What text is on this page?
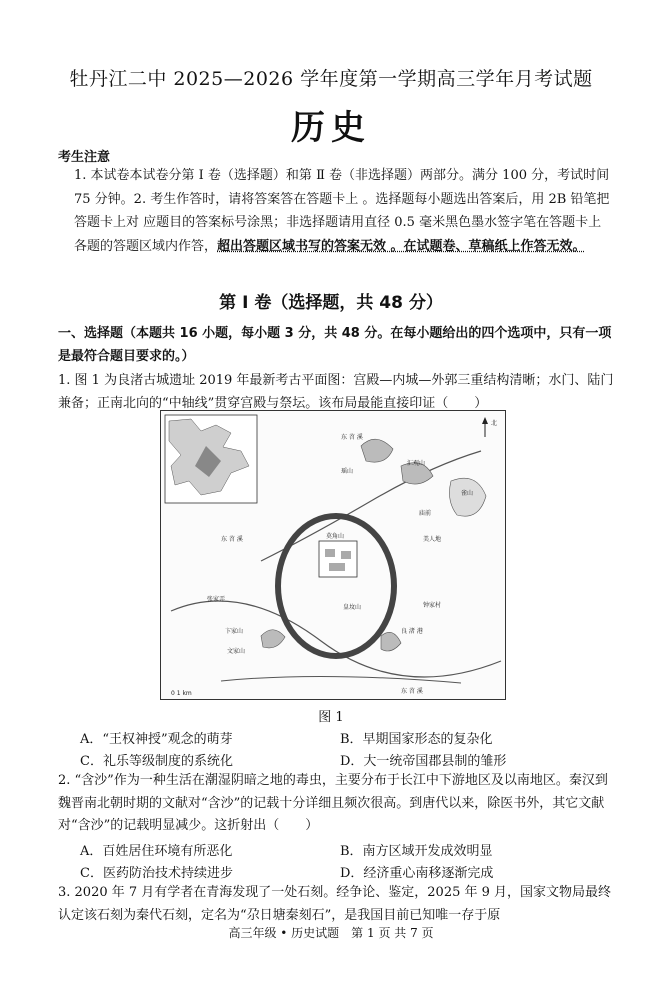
牡丹江二中 2025—2026 学年度第一学期高三学年月考试题
历史
考生注意
1. 本试卷本试卷分第 Ⅰ 卷（选择题）和第 Ⅱ 卷（非选择题）两部分。满分 100 分，考试时间 75 分钟。2. 考生作答时，请将答案答在答题卡上 。选择题每小题选出答案后，用 2B 铅笔把答题卡上对 应题目的答案标号涂黑；非选择题请用直径 0.5 毫米黑色墨水签字笔在答题卡上各题的答题区域内作答，超出答题区域书写的答案无效 。在试题卷、草稿纸上作答无效。
第 Ⅰ 卷（选择题，共 48 分）
一、选择题（本题共 16 小题，每小题 3 分，共 48 分。在每小题给出的四个选项中，只有一项是最符合题目要求的。）
1. 图 1 为良渚古城遗址 2019 年最新考古平面图：宫殿—内城—外郭三重结构清晰；水门、陆门兼备；正南北向的“中轴线”贯穿宫殿与祭坛。该布局最能直接印证（　　）
东 苕 溪
北
瑶山
汇观山
庙前
雀山
美人地
东 苕 溪	莫角山
张家弄
皇坟山
良 渚 港
卞家山
文家山
钟家村
东 苕 溪
0 1 km
图 1
A．“王权神授”观念的萌芽	B．早期国家形态的复杂化
C．礼乐等级制度的系统化	D．大一统帝国郡县制的雏形
2. “含沙”作为一种生活在潮湿阴暗之地的毒虫，主要分布于长江中下游地区及以南地区。秦汉到魏晋南北朝时期的文献对“含沙”的记载十分详细且频次很高。到唐代以来，除医书外，其它文献对“含沙”的记载明显减少。这折射出（　　）
A．百姓居住环境有所恶化	B．南方区域开发成效明显
C．医药防治技术持续进步	D．经济重心南移逐渐完成
3. 2020 年 7 月有学者在青海发现了一处石刻。经争论、鉴定，2025 年 9 月，国家文物局最终认定该石刻为秦代石刻，定名为“尕日塘秦刻石”，是我国目前已知唯一存于原
高三年级 • 历史试题　第 1 页 共 7 页
